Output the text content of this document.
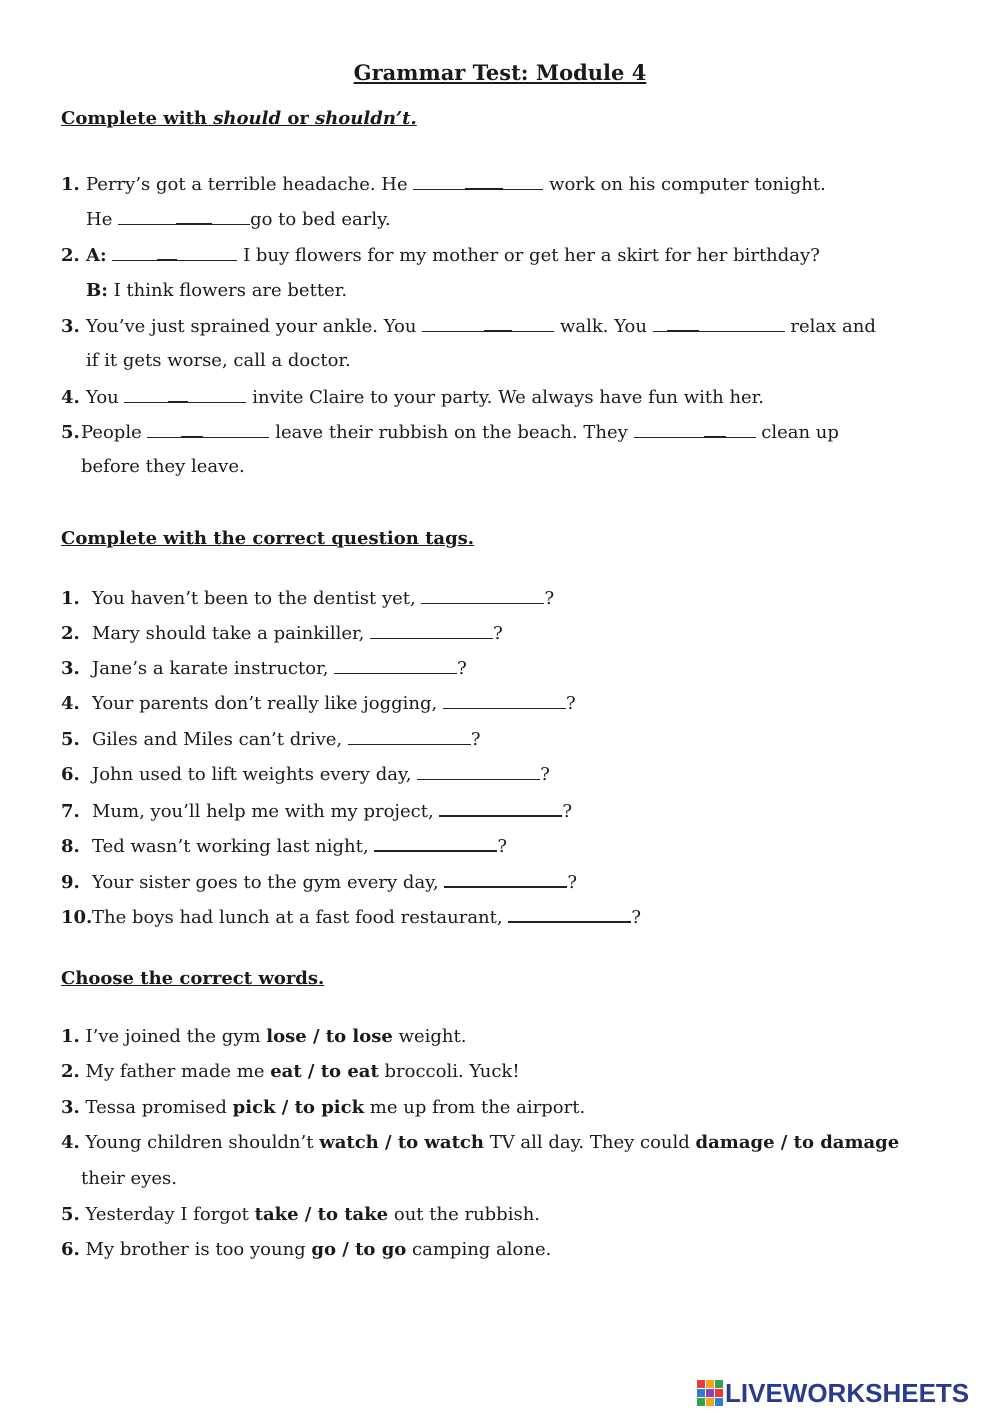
Grammar Test: Module 4
Complete with should or shouldn’t.
1. Perry’s got a terrible headache. He	work on his computer tonight.
He	go to bed early.
2. A:	I buy flowers for my mother or get her a skirt for her birthday?
B: I think flowers are better.
3. You’ve just sprained your ankle. You	walk. You	relax and
if it gets worse, call a doctor.
4. You	invite Claire to your party. We always have fun with her.
5.People	leave their rubbish on the beach. They	clean up
before they leave.
Complete with the correct question tags.
1. You haven’t been to the dentist yet,	?
2. Mary should take a painkiller,	?
3. Jane’s a karate instructor,	?
4. Your parents don’t really like jogging,	?
5. Giles and Miles can’t drive,	?
6. John used to lift weights every day,	?
7. Mum, you’ll help me with my project,	?
8. Ted wasn’t working last night,	?
9. Your sister goes to the gym every day,	?
10.The boys had lunch at a fast food restaurant,	?
Choose the correct words.
1. I’ve joined the gym lose / to lose weight.
2. My father made me eat / to eat broccoli. Yuck!
3. Tessa promised pick / to pick me up from the airport.
4. Young children shouldn’t watch / to watch TV all day. They could damage / to damage
their eyes.
5. Yesterday I forgot take / to take out the rubbish.
6. My brother is too young go / to go camping alone.
LIVEWORKSHEETS
